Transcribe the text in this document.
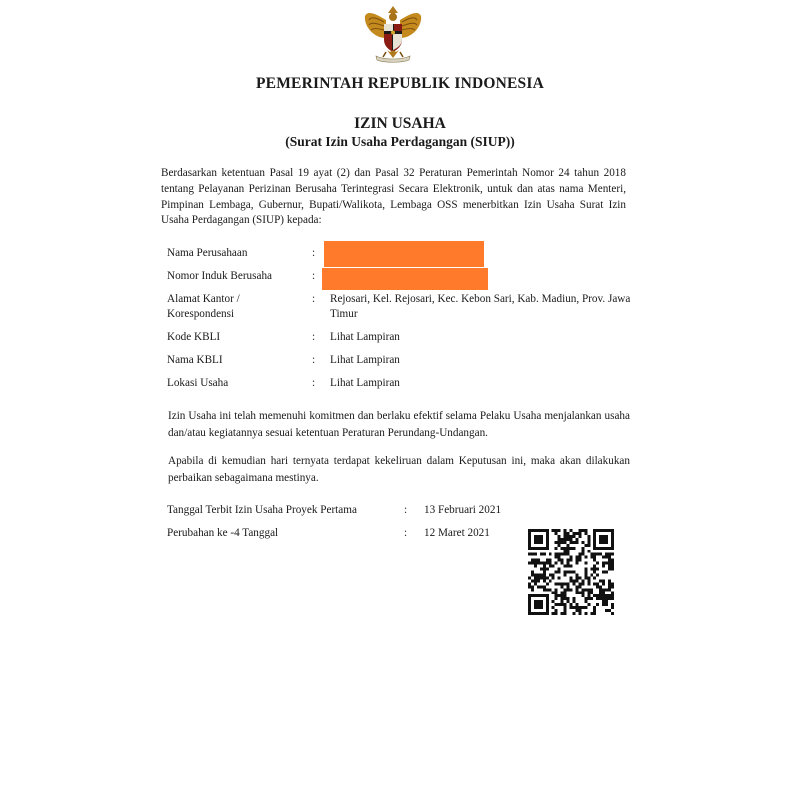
PEMERINTAH REPUBLIK INDONESIA
IZIN USAHA
(Surat Izin Usaha Perdagangan (SIUP))
Berdasarkan ketentuan Pasal 19 ayat (2) dan Pasal 32 Peraturan Pemerintah Nomor 24 tahun 2018 tentang Pelayanan Perizinan Berusaha Terintegrasi Secara Elektronik, untuk dan atas nama Menteri, Pimpinan Lembaga, Gubernur, Bupati/Walikota, Lembaga OSS menerbitkan Izin Usaha Surat Izin Usaha Perdagangan (SIUP) kepada:
Nama Perusahaan	:
Nomor Induk Berusaha	:
Alamat Kantor / Korespondensi
: Rejosari, Kel. Rejosari, Kec. Kebon Sari, Kab. Madiun, Prov. Jawa Timur
Kode KBLI	: Lihat Lampiran
Nama KBLI	: Lihat Lampiran
Lokasi Usaha	: Lihat Lampiran
Izin Usaha ini telah memenuhi komitmen dan berlaku efektif selama Pelaku Usaha menjalankan usaha dan/atau kegiatannya sesuai ketentuan Peraturan Perundang-Undangan.
Apabila di kemudian hari ternyata terdapat kekeliruan dalam Keputusan ini, maka akan dilakukan perbaikan sebagaimana mestinya.
Tanggal Terbit Izin Usaha Proyek Pertama	: 13 Februari 2021
Perubahan ke -4 Tanggal	: 12 Maret 2021
